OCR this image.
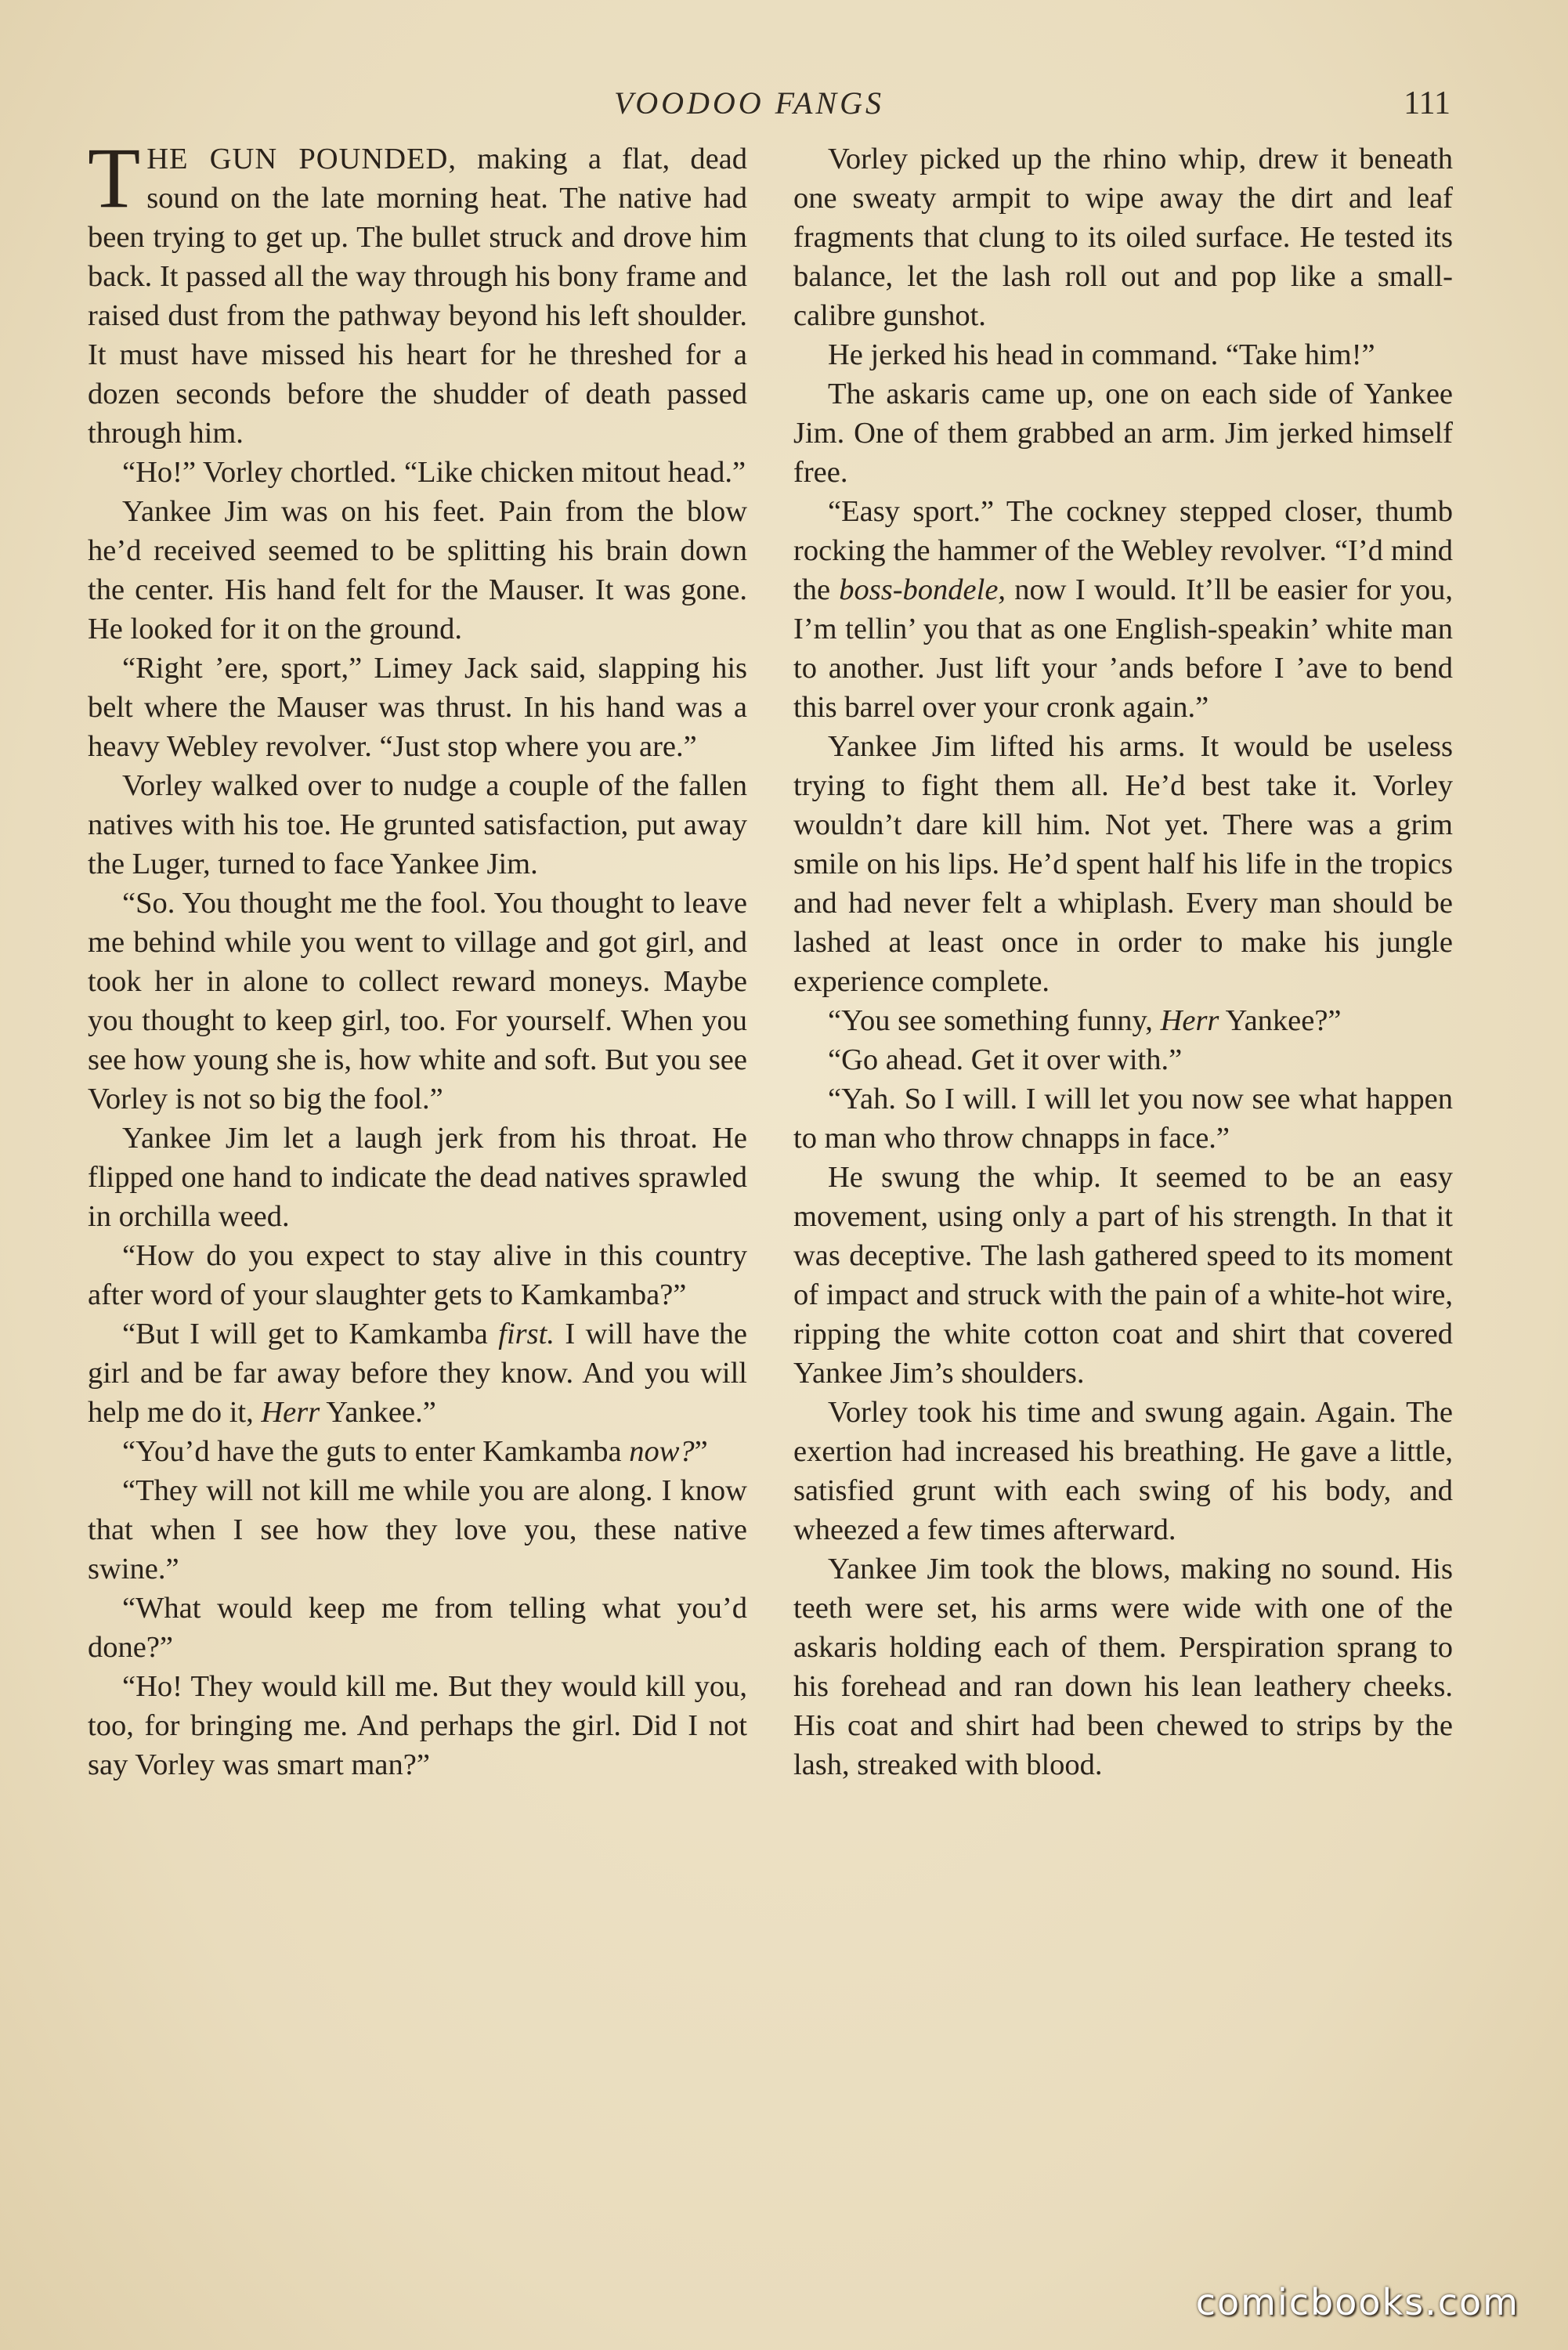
VOODOO FANGS	111

THE GUN POUNDED, making a flat, dead sound on the late morning heat. The native had been trying to get up. The bullet struck and drove him back. It passed all the way through his bony frame and raised dust from the pathway beyond his left shoulder. It must have missed his heart for he threshed for a dozen seconds before the shudder of death passed through him.

“Ho!” Vorley chortled. “Like chicken mitout head.”

Yankee Jim was on his feet. Pain from the blow he’d received seemed to be splitting his brain down the center. His hand felt for the Mauser. It was gone. He looked for it on the ground.

“Right ’ere, sport,” Limey Jack said, slapping his belt where the Mauser was thrust. In his hand was a heavy Webley revolver. “Just stop where you are.”

Vorley walked over to nudge a couple of the fallen natives with his toe. He grunted satisfaction, put away the Luger, turned to face Yankee Jim.

“So. You thought me the fool. You thought to leave me behind while you went to village and got girl, and took her in alone to collect reward moneys. Maybe you thought to keep girl, too. For yourself. When you see how young she is, how white and soft. But you see Vorley is not so big the fool.”

Yankee Jim let a laugh jerk from his throat. He flipped one hand to indicate the dead natives sprawled in orchilla weed.

“How do you expect to stay alive in this country after word of your slaughter gets to Kamkamba?”

“But I will get to Kamkamba first. I will have the girl and be far away before they know. And you will help me do it, Herr Yankee.”

“You’d have the guts to enter Kamkamba now?”

“They will not kill me while you are along. I know that when I see how they love you, these native swine.”

“What would keep me from telling what you’d done?”

“Ho! They would kill me. But they would kill you, too, for bringing me. And perhaps the girl. Did I not say Vorley was smart man?”

Vorley picked up the rhino whip, drew it beneath one sweaty armpit to wipe away the dirt and leaf fragments that clung to its oiled surface. He tested its balance, let the lash roll out and pop like a smallcalibre gunshot.

He jerked his head in command. “Take him!”

The askaris came up, one on each side of Yankee Jim. One of them grabbed an arm. Jim jerked himself free.

“Easy sport.” The cockney stepped closer, thumb rocking the hammer of the Webley revolver. “I’d mind the boss-bondele, now I would. It’ll be easier for you, I’m tellin’ you that as one English-speakin’ white man to another. Just lift your ’ands before I ’ave to bend this barrel over your cronk again.”

Yankee Jim lifted his arms. It would be useless trying to fight them all. He’d best take it. Vorley wouldn’t dare kill him. Not yet. There was a grim smile on his lips. He’d spent half his life in the tropics and had never felt a whiplash. Every man should be lashed at least once in order to make his jungle experience complete.

“You see something funny, Herr Yankee?”

“Go ahead. Get it over with.”

“Yah. So I will. I will let you now see what happen to man who throw chnapps in face.”

He swung the whip. It seemed to be an easy movement, using only a part of his strength. In that it was deceptive. The lash gathered speed to its moment of impact and struck with the pain of a white-hot wire, ripping the white cotton coat and shirt that covered Yankee Jim’s shoulders.

Vorley took his time and swung again. Again. The exertion had increased his breathing. He gave a little, satisfied grunt with each swing of his body, and wheezed a few times afterward.

Yankee Jim took the blows, making no sound. His teeth were set, his arms were wide with one of the askaris holding each of them. Perspiration sprang to his forehead and ran down his lean leathery cheeks. His coat and shirt had been chewed to strips by the lash, streaked with blood.

comicbooks.com
